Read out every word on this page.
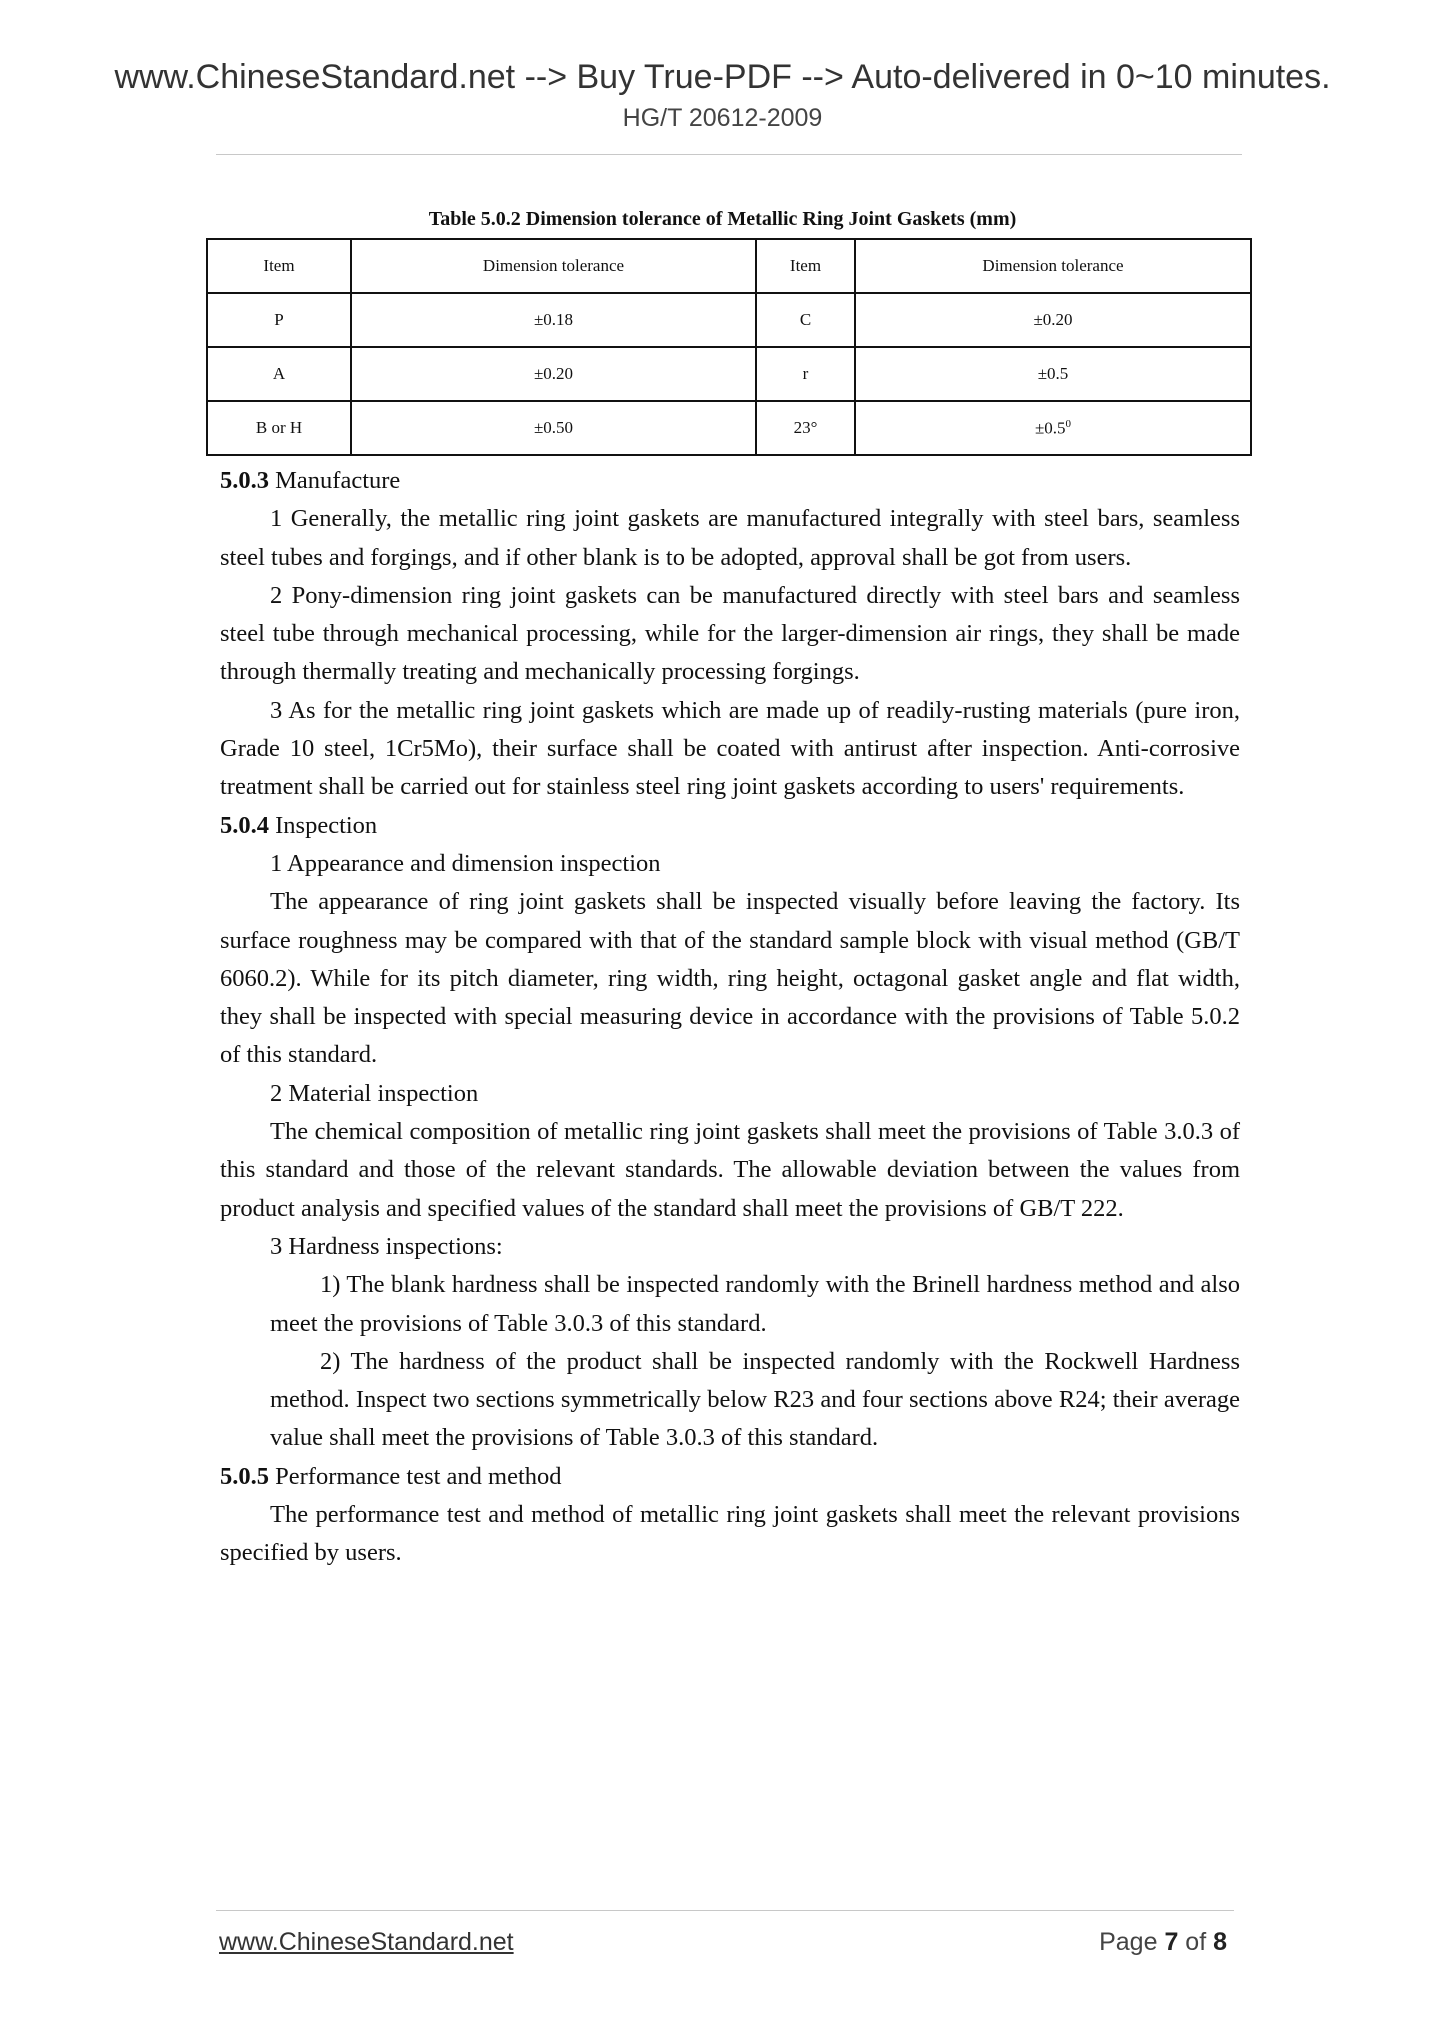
www.ChineseStandard.net --> Buy True-PDF --> Auto-delivered in 0~10 minutes.
HG/T 20612-2009
Table 5.0.2 Dimension tolerance of Metallic Ring Joint Gaskets (mm)
Item	Dimension tolerance	Item	Dimension tolerance
P	±0.18	C	±0.20
A	±0.20	r	±0.5
B or H	±0.50	23°	$\pm 0.5^0$

5.0.3 Manufacture

1 Generally, the metallic ring joint gaskets are manufactured integrally with steel bars, seamless steel tubes and forgings, and if other blank is to be adopted, approval shall be got from users.

2 Pony-dimension ring joint gaskets can be manufactured directly with steel bars and seamless steel tube through mechanical processing, while for the larger-dimension air rings, they shall be made through thermally treating and mechanically processing forgings.

3 As for the metallic ring joint gaskets which are made up of readily-rusting materials (pure iron, Grade 10 steel, 1Cr5Mo), their surface shall be coated with antirust after inspection. Anti-corrosive treatment shall be carried out for stainless steel ring joint gaskets according to users' requirements.

5.0.4 Inspection

1 Appearance and dimension inspection

The appearance of ring joint gaskets shall be inspected visually before leaving the factory. Its surface roughness may be compared with that of the standard sample block with visual method (GB/T 6060.2). While for its pitch diameter, ring width, ring height, octagonal gasket angle and flat width, they shall be inspected with special measuring device in accordance with the provisions of Table 5.0.2 of this standard.

2 Material inspection

The chemical composition of metallic ring joint gaskets shall meet the provisions of Table 3.0.3 of this standard and those of the relevant standards. The allowable deviation between the values from product analysis and specified values of the standard shall meet the provisions of GB/T 222.

3 Hardness inspections:

1) The blank hardness shall be inspected randomly with the Brinell hardness method and also meet the provisions of Table 3.0.3 of this standard.

2) The hardness of the product shall be inspected randomly with the Rockwell Hardness method. Inspect two sections symmetrically below R23 and four sections above R24; their average value shall meet the provisions of Table 3.0.3 of this standard.

5.0.5 Performance test and method

The performance test and method of metallic ring joint gaskets shall meet the relevant provisions specified by users.

www.ChineseStandard.net	Page 7 of 8
